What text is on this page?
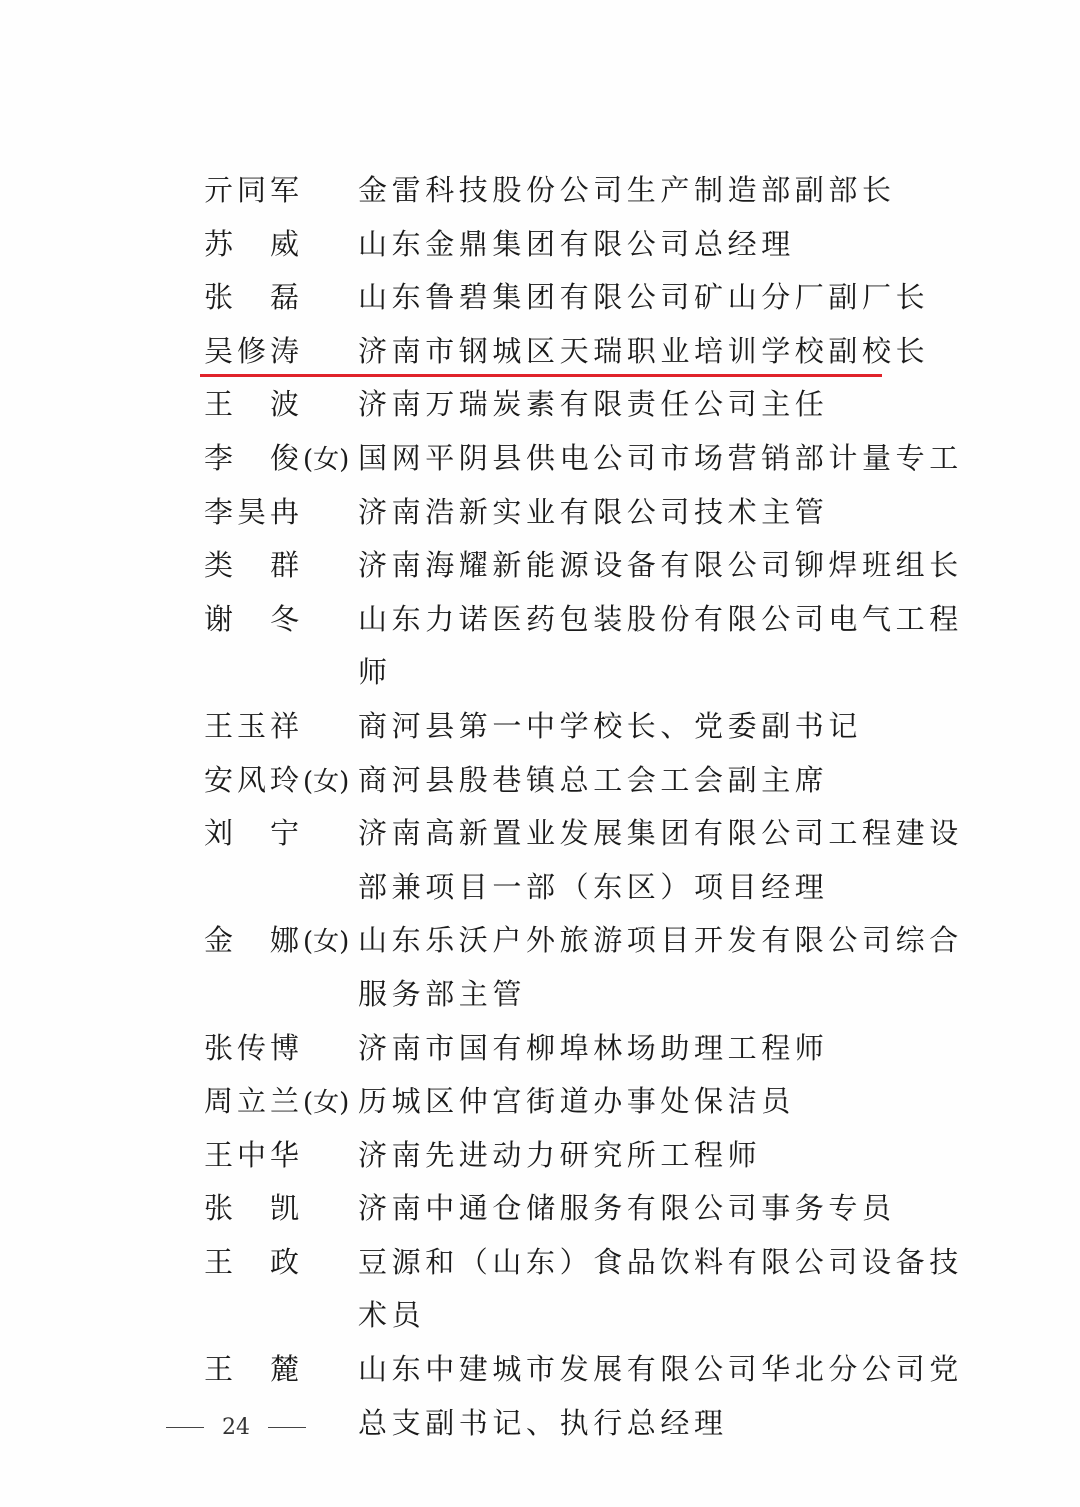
亓同军	金雷科技股份公司生产制造部副部长
苏　威	山东金鼎集团有限公司总经理
张　磊	山东鲁碧集团有限公司矿山分厂副厂长
吴修涛	济南市钢城区天瑞职业培训学校副校长
王　波	济南万瑞炭素有限责任公司主任
李　俊(女) 国网平阴县供电公司市场营销部计量专工
李昊冉	济南浩新实业有限公司技术主管
类　群	济南海耀新能源设备有限公司铆焊班组长
谢　冬	山东力诺医药包装股份有限公司电气工程师
王玉祥	商河县第一中学校长、党委副书记
安风玲(女) 商河县殷巷镇总工会工会副主席
刘　宁	济南高新置业发展集团有限公司工程建设部兼项目一部（东区）项目经理
金　娜(女) 山东乐沃户外旅游项目开发有限公司综合服务部主管
张传博	济南市国有柳埠林场助理工程师
周立兰(女) 历城区仲宫街道办事处保洁员
王中华	济南先进动力研究所工程师
张　凯	济南中通仓储服务有限公司事务专员
王　政	豆源和（山东）食品饮料有限公司设备技术员
王　麓	山东中建城市发展有限公司华北分公司党总支副书记、执行总经理
24
